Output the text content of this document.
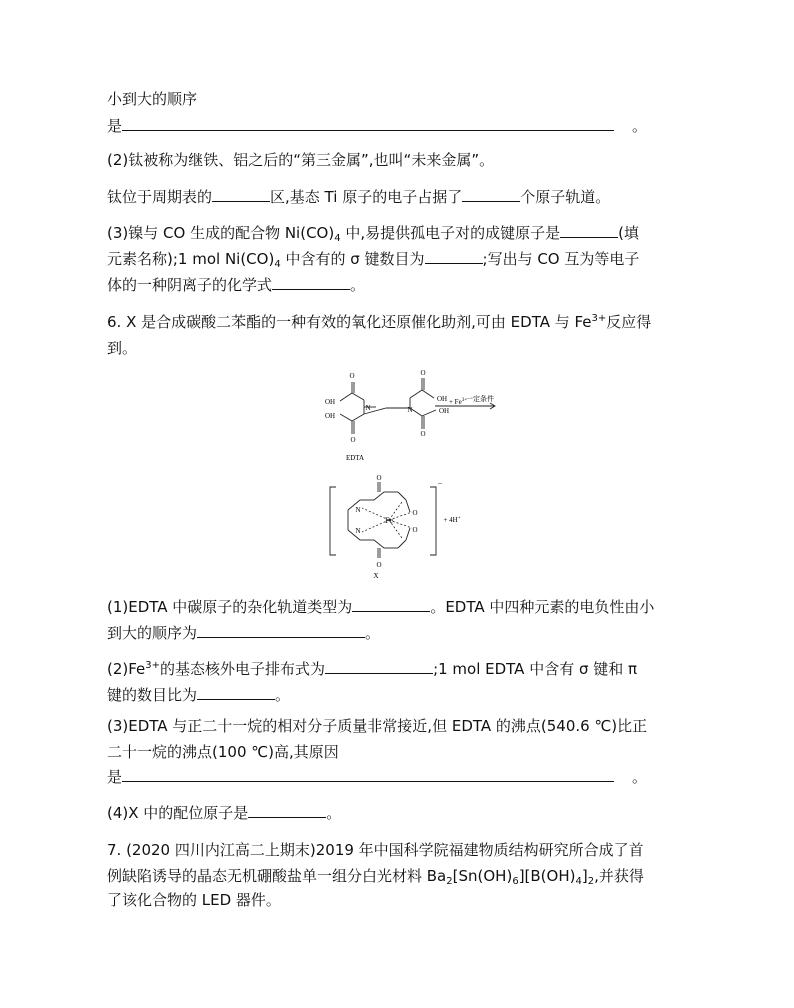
小到大的顺序
是	。
(2)钛被称为继铁、铝之后的“第三金属”,也叫“未来金属”。
钛位于周期表的	区,基态 Ti 原子的电子占据了	个原子轨道。
(3)镍与 CO 生成的配合物 $Ni(CO)_4$ 中,易提供孤电子对的成键原子是	(填
元素名称);1 mol $Ni(CO)_4$ 中含有的 σ 键数目为	;写出与 CO 互为等电子
体的一种阴离子的化学式	。
6. X 是合成碳酸二苯酯的一种有效的氧化还原催化助剂,可由 EDTA 与 $Fe^{3+}$反应得
到。
O
OH
N
OH
O
O
N
OH
O
OH
+ $Fe^{3+}$
一定条件
EDTA
Fe
N
N
O
O
O
O
−
+ 4H+
X
(1)EDTA 中碳原子的杂化轨道类型为	。EDTA 中四种元素的电负性由小
到大的顺序为	。
$(2)Fe^{3+}$的基态核外电子排布式为	;1 mol EDTA 中含有 σ 键和 π
键的数目比为	。
(3)EDTA 与正二十一烷的相对分子质量非常接近,但 EDTA 的沸点(540.6 ℃)比正
二十一烷的沸点(100 ℃)高,其原因
是	。
(4)X 中的配位原子是	。
7. (2020 四川内江高二上期末)2019 年中国科学院福建物质结构研究所合成了首
例缺陷诱导的晶态无机硼酸盐单一组分白光材料 $Ba_2[Sn(OH)_6][B(OH)_4]_2$,并获得
了该化合物的 LED 器件。
